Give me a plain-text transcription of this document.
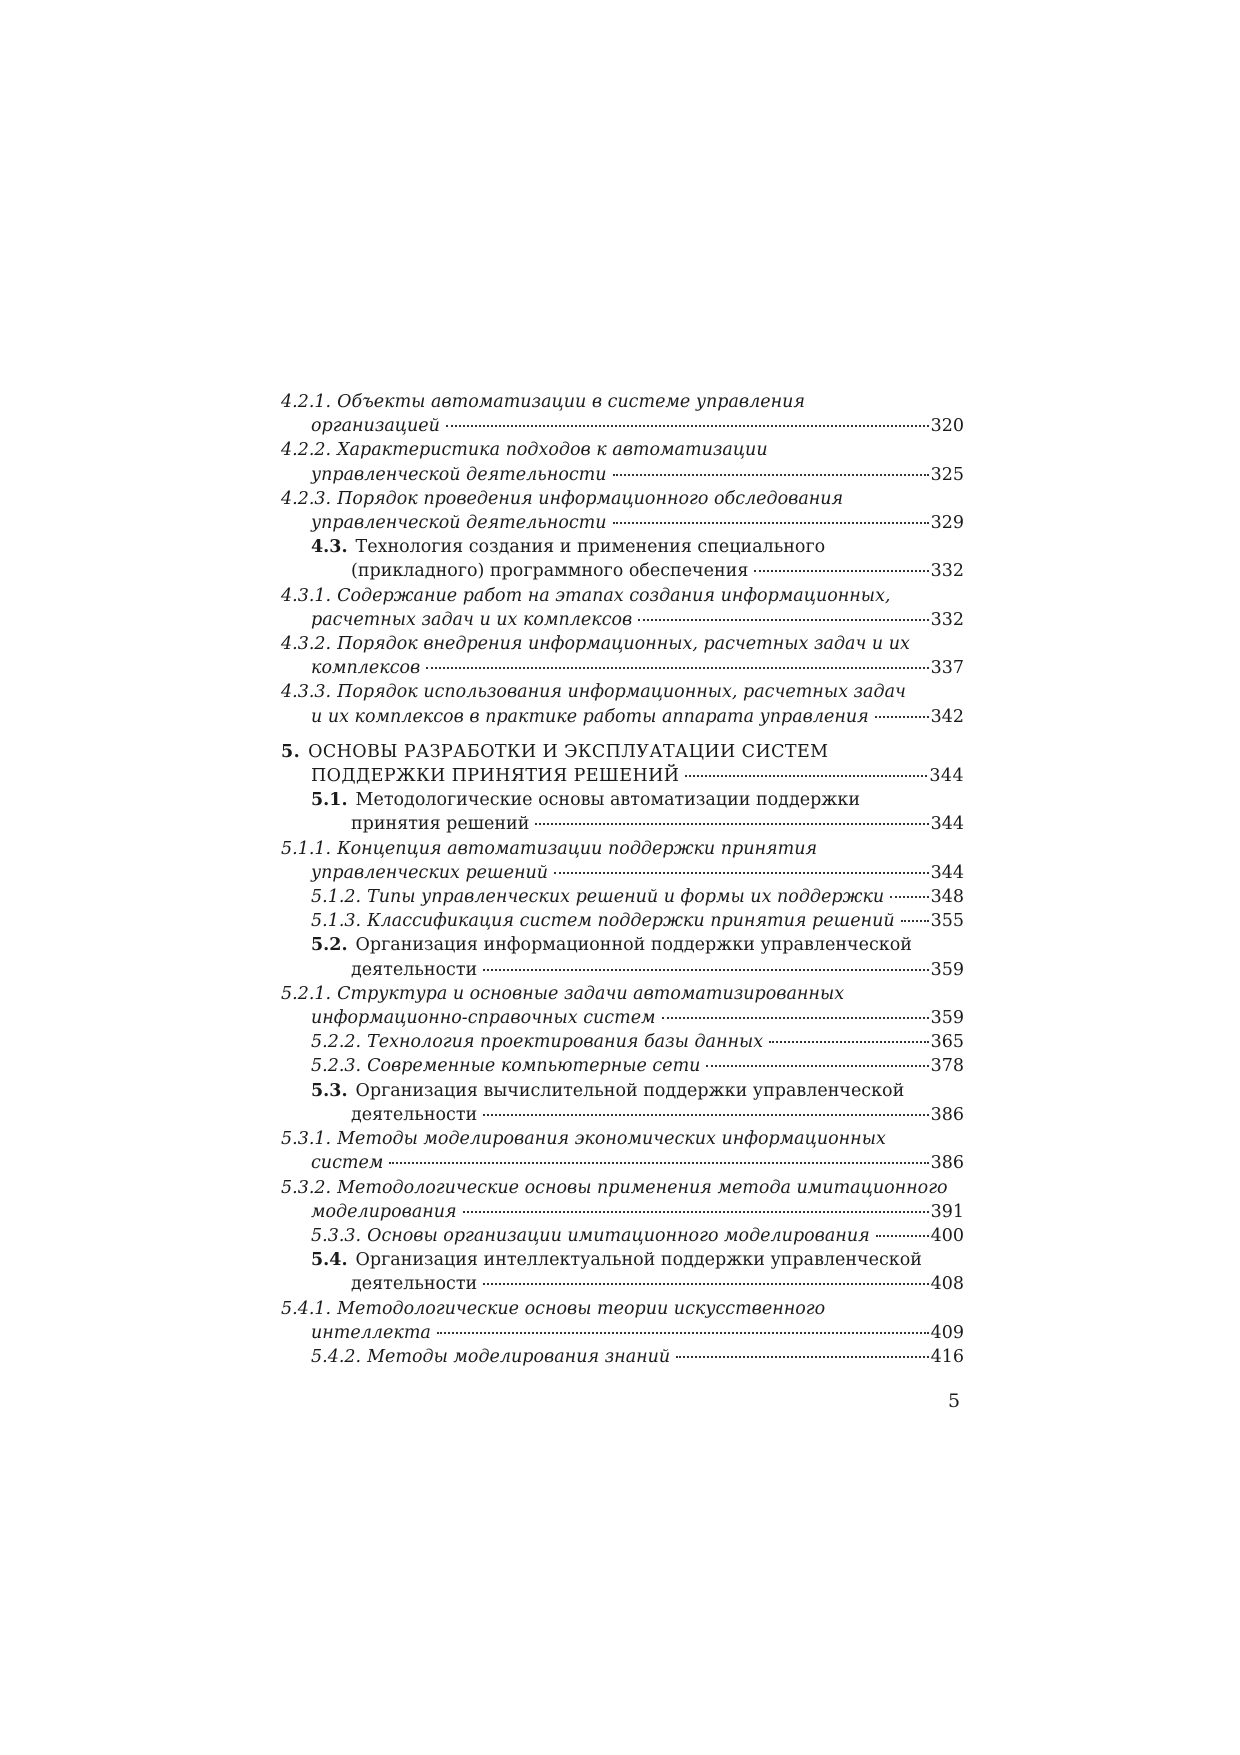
4.2.1. Объекты автоматизации в системе управления
организацией	320
4.2.2. Характеристика подходов к автоматизации
управленческой деятельности	325
4.2.3. Порядок проведения информационного обследования
управленческой деятельности	329
4.3. Технология создания и применения специального
(прикладного) программного обеспечения	332
4.3.1. Содержание работ на этапах создания информационных,
расчетных задач и их комплексов	332
4.3.2. Порядок внедрения информационных, расчетных задач и их
комплексов	337
4.3.3. Порядок использования информационных, расчетных задач
и их комплексов в практике работы аппарата управления	342
5. ОСНОВЫ РАЗРАБОТКИ И ЭКСПЛУАТАЦИИ СИСТЕМ
ПОДДЕРЖКИ ПРИНЯТИЯ РЕШЕНИЙ	344
5.1. Методологические основы автоматизации поддержки
принятия решений	344
5.1.1. Концепция автоматизации поддержки принятия
управленческих решений	344
5.1.2. Типы управленческих решений и формы их поддержки	348
5.1.3. Классификация систем поддержки принятия решений 355
5.2. Организация информационной поддержки управленческой
деятельности	359
5.2.1. Структура и основные задачи автоматизированных
информационно-справочных систем	359
5.2.2. Технология проектирования базы данных	365
5.2.3. Современные компьютерные сети	378
5.3. Организация вычислительной поддержки управленческой
деятельности	386
5.3.1. Методы моделирования экономических информационных
систем	386
5.3.2. Методологические основы применения метода имитационного
моделирования	391
5.3.3. Основы организации имитационного моделирования	400
5.4. Организация интеллектуальной поддержки управленческой
деятельности	408
5.4.1. Методологические основы теории искусственного
интеллекта	409
5.4.2. Методы моделирования знаний	416
5
